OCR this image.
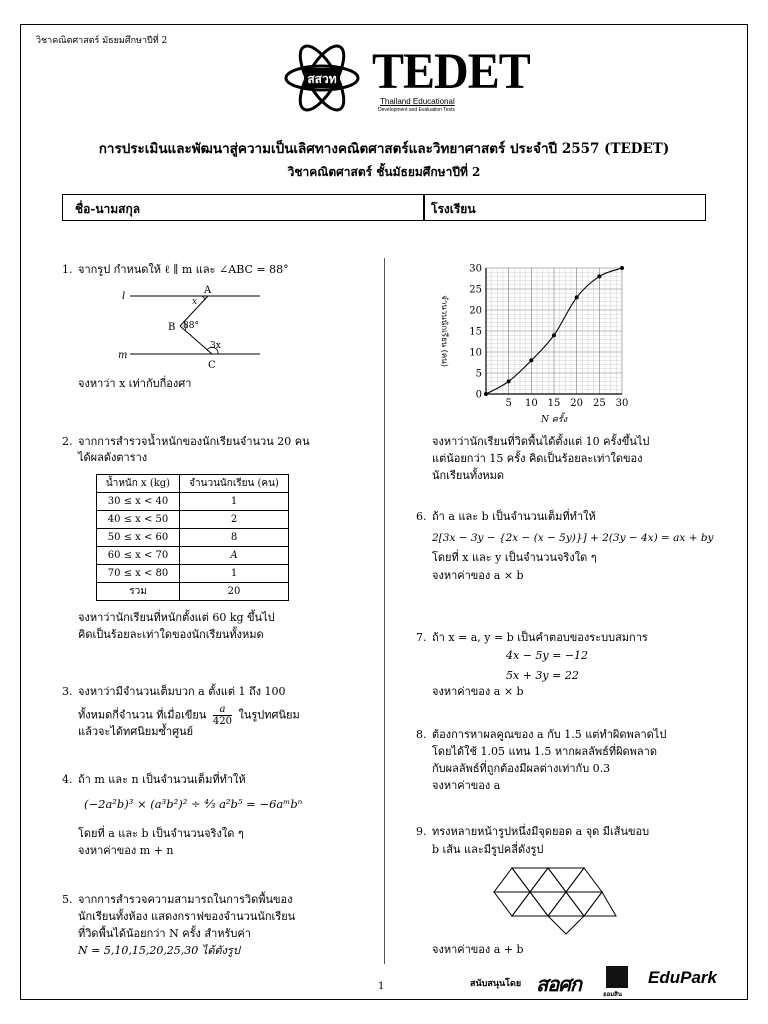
วิชาคณิตศาสตร์ มัธยมศึกษาปีที่ 2
สสวท TEDET
Thailand Educational
Development and Evaluation Tests
การประเมินและพัฒนาสู่ความเป็นเลิศทางคณิตศาสตร์และวิทยาศาสตร์ ประจำปี 2557 (TEDET)
วิชาคณิตศาสตร์ ชั้นมัธยมศึกษาปีที่ 2
ชื่อ-นามสกุล	โรงเรียน
1. จากรูป กำหนดให้ ℓ ∥ m และ ∠ABC = 88°
l
m
A
B
C
x
88°
3x
จงหาว่า x เท่ากับกี่องศา
2. จากการสำรวจน้ำหนักของนักเรียนจำนวน 20 คน
ได้ผลดังตาราง
น้ำหนัก x (kg)	จำนวนนักเรียน (คน)
30 ≤ x < 40	1
40 ≤ x < 50	2
50 ≤ x < 60	8
60 ≤ x < 70	A
70 ≤ x < 80	1
รวม	20
จงหาว่านักเรียนที่หนักตั้งแต่ 60 kg ขึ้นไป
คิดเป็นร้อยละเท่าใดของนักเรียนทั้งหมด
3. จงหาว่ามีจำนวนเต็มบวก a ตั้งแต่ 1 ถึง 100
ทั้งหมดกี่จำนวน ที่เมื่อเขียน $\frac{a}{420}$ ในรูปทศนิยม
แล้วจะได้ทศนิยมซ้ำศูนย์
4. ถ้า m และ n เป็นจำนวนเต็มที่ทำให้
(−2a²b)³ × (a³b²)² ÷ ⁴⁄₃ a²b⁵ = −6aᵐbⁿ
โดยที่ a และ b เป็นจำนวนจริงใด ๆ
จงหาค่าของ m + n
5. จากการสำรวจความสามารถในการวิดพื้นของ
นักเรียนทั้งห้อง แสดงกราฟของจำนวนนักเรียน
ที่วิดพื้นได้น้อยกว่า N ครั้ง สำหรับค่า
N = 5,10,15,20,25,30 ได้ดังรูป
5 10 15 20 25 30
0
5
10
15
20
25
30
จำนวนนักเรียน (คน)
N ครั้ง
จงหาว่านักเรียนที่วิดพื้นได้ตั้งแต่ 10 ครั้งขึ้นไป
แต่น้อยกว่า 15 ครั้ง คิดเป็นร้อยละเท่าใดของ
นักเรียนทั้งหมด
6. ถ้า a และ b เป็นจำนวนเต็มที่ทำให้
2[3x − 3y − {2x − (x − 5y)}] + 2(3y − 4x) = ax + by
โดยที่ x และ y เป็นจำนวนจริงใด ๆ
จงหาค่าของ a × b
7. ถ้า x = a, y = b เป็นคำตอบของระบบสมการ
4x − 5y = −12
5x + 3y = 22
จงหาค่าของ a × b
8. ต้องการหาผลคูณของ a กับ 1.5 แต่ทำผิดพลาดไป
โดยได้ใช้ 1.05 แทน 1.5 หากผลลัพธ์ที่ผิดพลาด
กับผลลัพธ์ที่ถูกต้องมีผลต่างเท่ากับ 0.3
จงหาค่าของ a
9. ทรงหลายหน้ารูปหนึ่งมีจุดยอด a จุด มีเส้นขอบ
b เส้น และมีรูปคลี่ดังรูป
จงหาค่าของ a + b
1	สนับสนุนโดย สอศก	ออมสิน
EduPark
